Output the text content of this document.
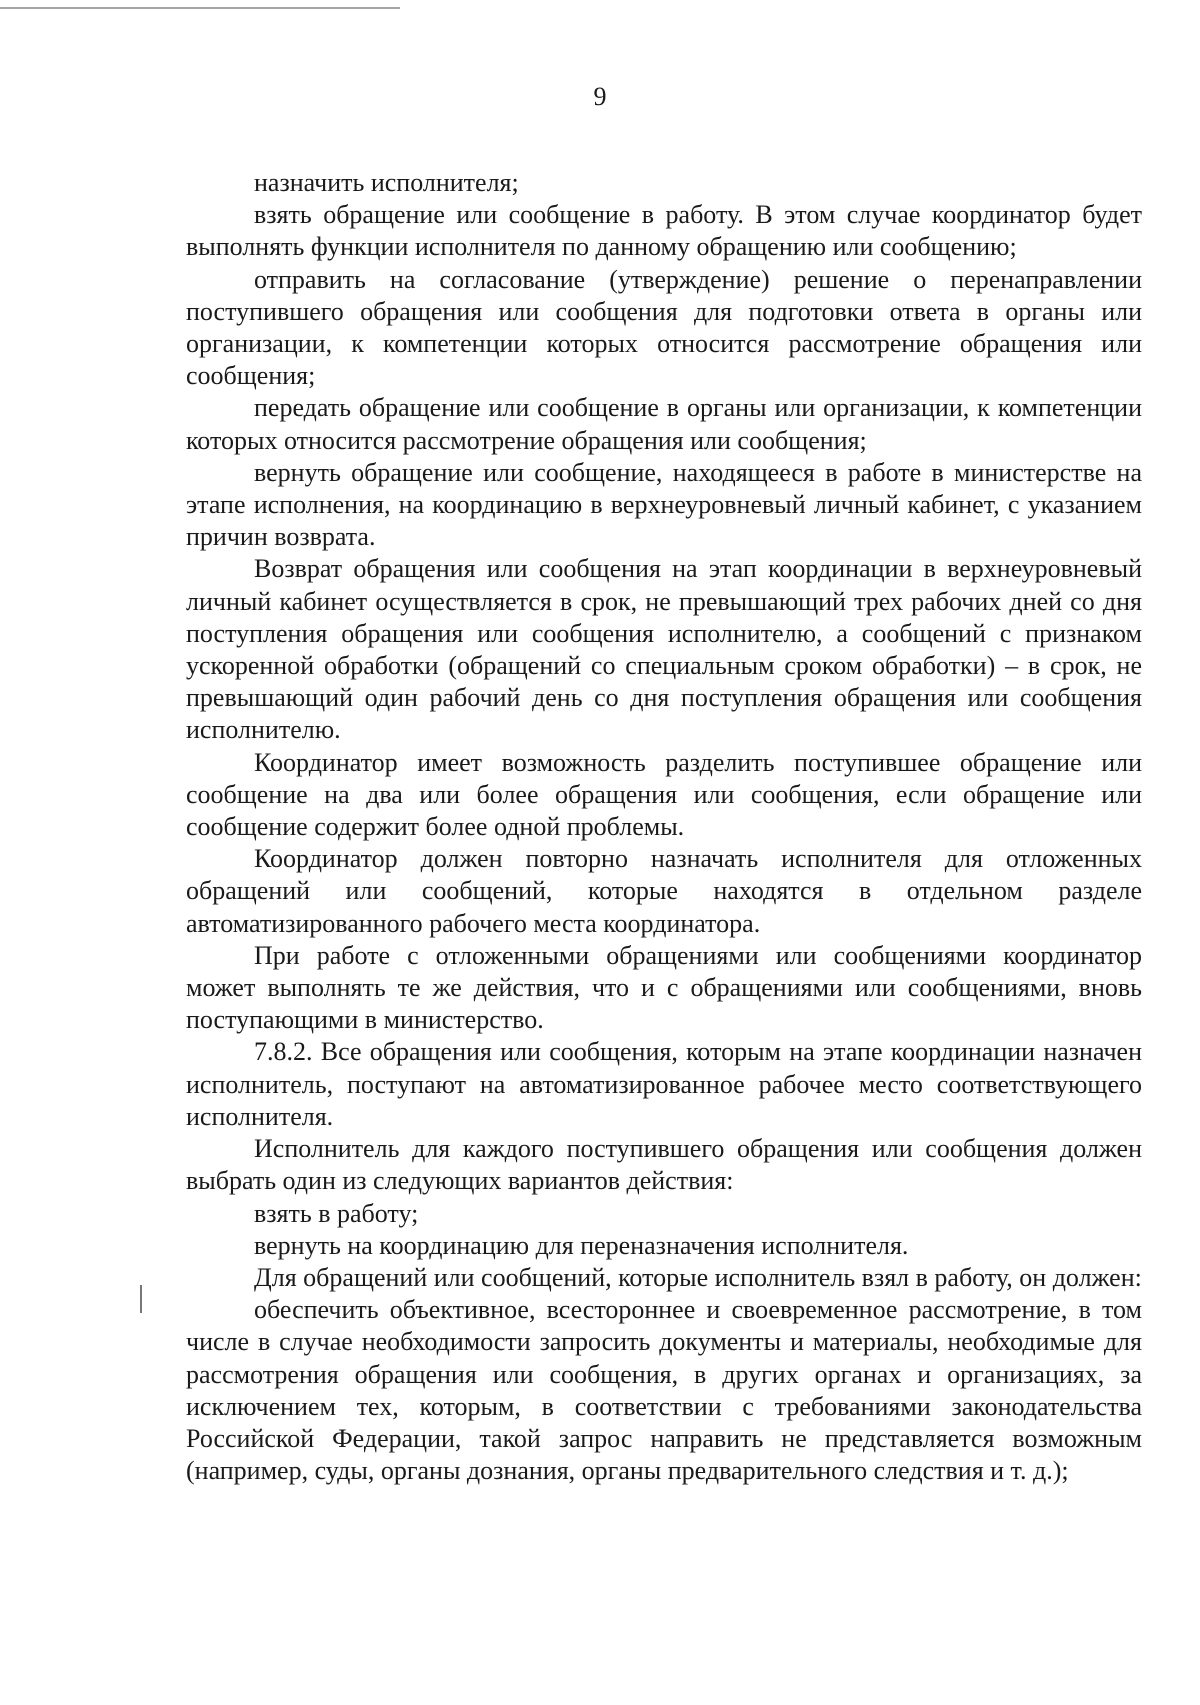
9

назначить исполнителя;

взять обращение или сообщение в работу. В этом случае координатор будет выполнять функции исполнителя по данному обращению или сообщению;

отправить на согласование (утверждение) решение о перенаправлении поступившего обращения или сообщения для подготовки ответа в органы или организации, к компетенции которых относится рассмотрение обращения или сообщения;

передать обращение или сообщение в органы или организации, к компетенции которых относится рассмотрение обращения или сообщения;

вернуть обращение или сообщение, находящееся в работе в министерстве на этапе исполнения, на координацию в верхнеуровневый личный кабинет, с указанием причин возврата.

Возврат обращения или сообщения на этап координации в верхнеуровневый личный кабинет осуществляется в срок, не превышающий трех рабочих дней со дня поступления обращения или сообщения исполнителю, а сообщений с признаком ускоренной обработки (обращений со специальным сроком обработки) – в срок, не превышающий один рабочий день со дня поступления обращения или сообщения исполнителю.

Координатор имеет возможность разделить поступившее обращение или сообщение на два или более обращения или сообщения, если обращение или сообщение содержит более одной проблемы.

Координатор должен повторно назначать исполнителя для отложенных обращений или сообщений, которые находятся в отдельном разделе автоматизированного рабочего места координатора.

При работе с отложенными обращениями или сообщениями координатор может выполнять те же действия, что и с обращениями или сообщениями, вновь поступающими в министерство.

7.8.2. Все обращения или сообщения, которым на этапе координации назначен исполнитель, поступают на автоматизированное рабочее место соответствующего исполнителя.

Исполнитель для каждого поступившего обращения или сообщения должен выбрать один из следующих вариантов действия:

взять в работу;

вернуть на координацию для переназначения исполнителя.

Для обращений или сообщений, которые исполнитель взял в работу, он должен:

обеспечить объективное, всестороннее и своевременное рассмотрение, в том числе в случае необходимости запросить документы и материалы, необходимые для рассмотрения обращения или сообщения, в других органах и организациях, за исключением тех, которым, в соответствии с требованиями законодательства Российской Федерации, такой запрос направить не представляется возможным (например, суды, органы дознания, органы предварительного следствия и т. д.);
